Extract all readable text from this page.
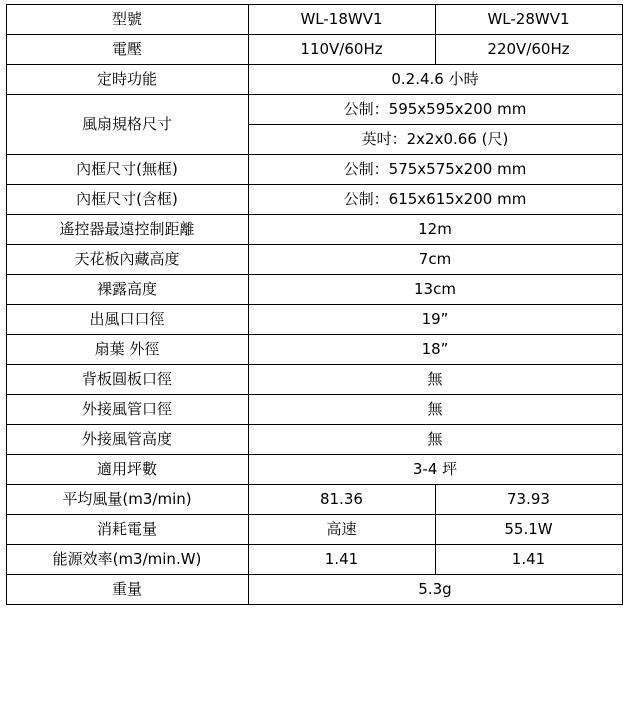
型號	WL-18WV1	WL-28WV1	
電壓	110V/60Hz	220V/60Hz	
定時功能	0.2.4.6 小時		
風扇規格尺寸	公制：595x595x200 mm		
	英吋：2x2x0.66 (尺)		
內框尺寸(無框)	公制：575x575x200 mm		
內框尺寸(含框)	公制：615x615x200 mm		
遙控器最遠控制距離	12m		
天花板內藏高度	7cm		
裸露高度	13cm		
出風口口徑	19”		
扇葉 外徑	18”		
背板圓板口徑	無		
外接風管口徑	無		
外接風管高度	無		
適用坪數	3-4 坪		
平均風量(m3/min)	81.36	73.93	
消耗電量	高速	55.1W	
能源效率(m3/min.W)	1.41	1.41	
重量	5.3g		
